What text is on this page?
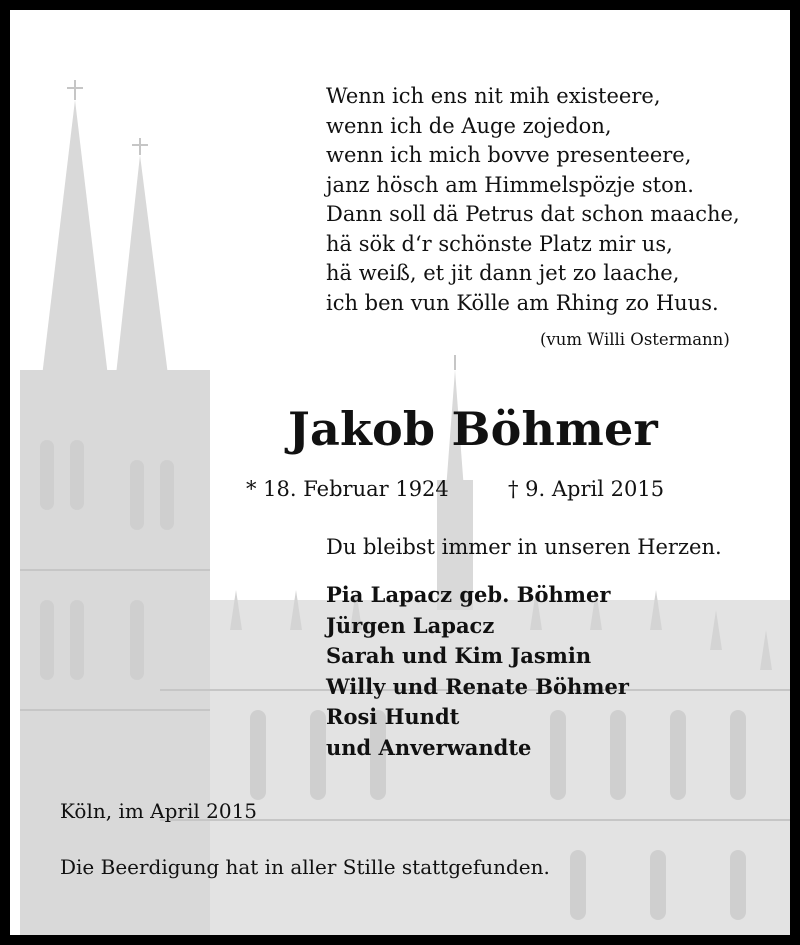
Wenn ich ens nit mih existeere,
wenn ich de Auge zojedon,
wenn ich mich bovve presenteere,
janz hösch am Himmelspözje ston.
Dann soll dä Petrus dat schon maache,
hä sök d‘r schönste Platz mir us,
hä weiß, et jit dann jet zo laache,
ich ben vun Kölle am Rhing zo Huus.
(vum Willi Ostermann)
Jakob Böhmer
* 18. Februar 1924	† 9. April 2015
Du bleibst immer in unseren Herzen.
Pia Lapacz geb. Böhmer
Jürgen Lapacz
Sarah und Kim Jasmin
Willy und Renate Böhmer
Rosi Hundt
und Anverwandte
Köln, im April 2015
Die Beerdigung hat in aller Stille stattgefunden.
